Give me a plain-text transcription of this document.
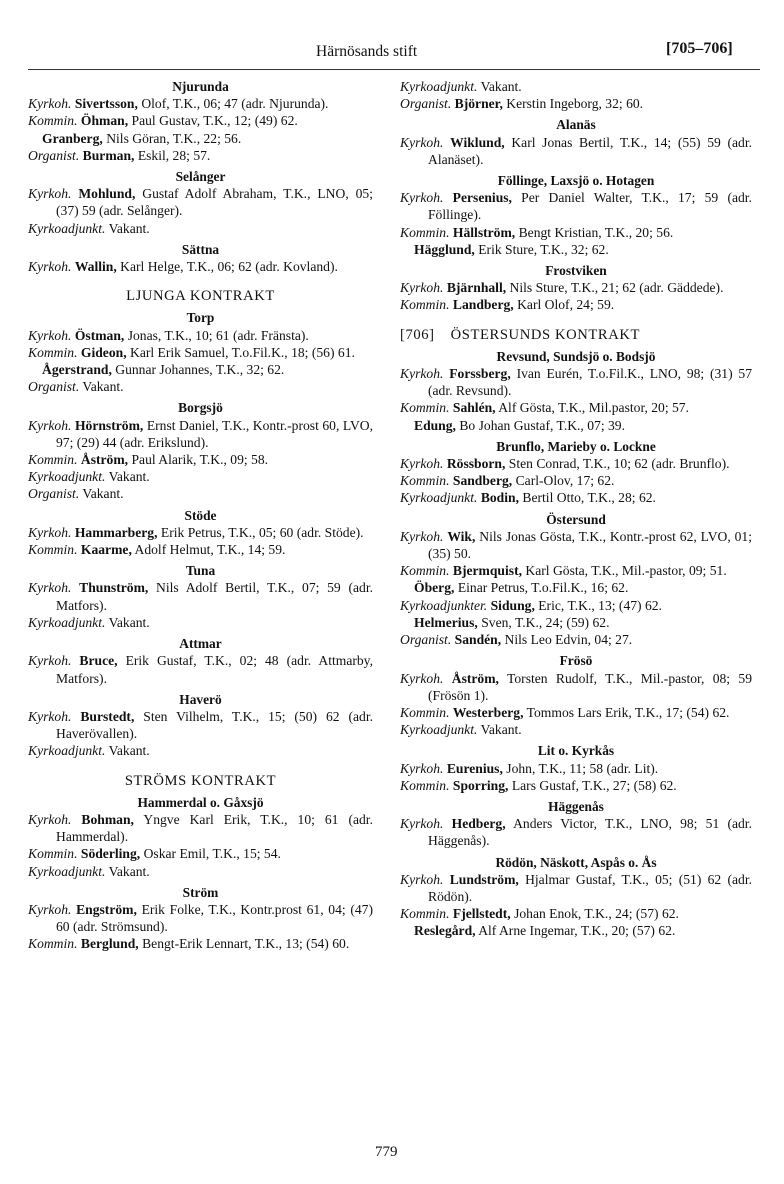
Härnösands stift	[705–706]
Njurunda
Kyrkoh. Sivertsson, Olof, T.K., 06; 47 (adr. Njurunda).
Kommin. Öhman, Paul Gustav, T.K., 12; (49) 62.
Granberg, Nils Göran, T.K., 22; 56.
Organist. Burman, Eskil, 28; 57.
Selånger
Kyrkoh. Mohlund, Gustaf Adolf Abraham, T.K., LNO, 05; (37) 59 (adr. Selånger).
Kyrkoadjunkt. Vakant.
Sättna
Kyrkoh. Wallin, Karl Helge, T.K., 06; 62 (adr. Kovland).
LJUNGA KONTRAKT
Torp
Kyrkoh. Östman, Jonas, T.K., 10; 61 (adr. Fränsta).
Kommin. Gideon, Karl Erik Samuel, T.o.Fil.K., 18; (56) 61.
Ågerstrand, Gunnar Johannes, T.K., 32; 62.
Organist. Vakant.
Borgsjö
Kyrkoh. Hörnström, Ernst Daniel, T.K., Kontr.-prost 60, LVO, 97; (29) 44 (adr. Erikslund).
Kommin. Åström, Paul Alarik, T.K., 09; 58.
Kyrkoadjunkt. Vakant.
Organist. Vakant.
Stöde
Kyrkoh. Hammarberg, Erik Petrus, T.K., 05; 60 (adr. Stöde).
Kommin. Kaarme, Adolf Helmut, T.K., 14; 59.
Tuna
Kyrkoh. Thunström, Nils Adolf Bertil, T.K., 07; 59 (adr. Matfors).
Kyrkoadjunkt. Vakant.
Attmar
Kyrkoh. Bruce, Erik Gustaf, T.K., 02; 48 (adr. Attmarby, Matfors).
Haverö
Kyrkoh. Burstedt, Sten Vilhelm, T.K., 15; (50) 62 (adr. Haverövallen).
Kyrkoadjunkt. Vakant.
STRÖMS KONTRAKT
Hammerdal o. Gåxsjö
Kyrkoh. Bohman, Yngve Karl Erik, T.K., 10; 61 (adr. Hammerdal).
Kommin. Söderling, Oskar Emil, T.K., 15; 54.
Kyrkoadjunkt. Vakant.
Ström
Kyrkoh. Engström, Erik Folke, T.K., Kontr.prost 61, 04; (47) 60 (adr. Strömsund).
Kommin. Berglund, Bengt-Erik Lennart, T.K., 13; (54) 60.
Kyrkoadjunkt. Vakant.
Organist. Björner, Kerstin Ingeborg, 32; 60.
Alanäs
Kyrkoh. Wiklund, Karl Jonas Bertil, T.K., 14; (55) 59 (adr. Alanäset).
Föllinge, Laxsjö o. Hotagen
Kyrkoh. Persenius, Per Daniel Walter, T.K., 17; 59 (adr. Föllinge).
Kommin. Hällström, Bengt Kristian, T.K., 20; 56.
Hägglund, Erik Sture, T.K., 32; 62.
Frostviken
Kyrkoh. Bjärnhall, Nils Sture, T.K., 21; 62 (adr. Gäddede).
Kommin. Landberg, Karl Olof, 24; 59.
[706] ÖSTERSUNDS KONTRAKT
Revsund, Sundsjö o. Bodsjö
Kyrkoh. Forssberg, Ivan Eurén, T.o.Fil.K., LNO, 98; (31) 57 (adr. Revsund).
Kommin. Sahlén, Alf Gösta, T.K., Mil.pastor, 20; 57.
Edung, Bo Johan Gustaf, T.K., 07; 39.
Brunflo, Marieby o. Lockne
Kyrkoh. Rössborn, Sten Conrad, T.K., 10; 62 (adr. Brunflo).
Kommin. Sandberg, Carl-Olov, 17; 62.
Kyrkoadjunkt. Bodin, Bertil Otto, T.K., 28; 62.
Östersund
Kyrkoh. Wik, Nils Jonas Gösta, T.K., Kontr.-prost 62, LVO, 01; (35) 50.
Kommin. Bjermquist, Karl Gösta, T.K., Mil.-pastor, 09; 51.
Öberg, Einar Petrus, T.o.Fil.K., 16; 62.
Kyrkoadjunkter. Sidung, Eric, T.K., 13; (47) 62.
Helmerius, Sven, T.K., 24; (59) 62.
Organist. Sandén, Nils Leo Edvin, 04; 27.
Frösö
Kyrkoh. Åström, Torsten Rudolf, T.K., Mil.-pastor, 08; 59 (Frösön 1).
Kommin. Westerberg, Tommos Lars Erik, T.K., 17; (54) 62.
Kyrkoadjunkt. Vakant.
Lit o. Kyrkås
Kyrkoh. Eurenius, John, T.K., 11; 58 (adr. Lit).
Kommin. Sporring, Lars Gustaf, T.K., 27; (58) 62.
Häggenås
Kyrkoh. Hedberg, Anders Victor, T.K., LNO, 98; 51 (adr. Häggenås).
Rödön, Näskott, Aspås o. Ås
Kyrkoh. Lundström, Hjalmar Gustaf, T.K., 05; (51) 62 (adr. Rödön).
Kommin. Fjellstedt, Johan Enok, T.K., 24; (57) 62.
Reslegård, Alf Arne Ingemar, T.K., 20; (57) 62.
779
